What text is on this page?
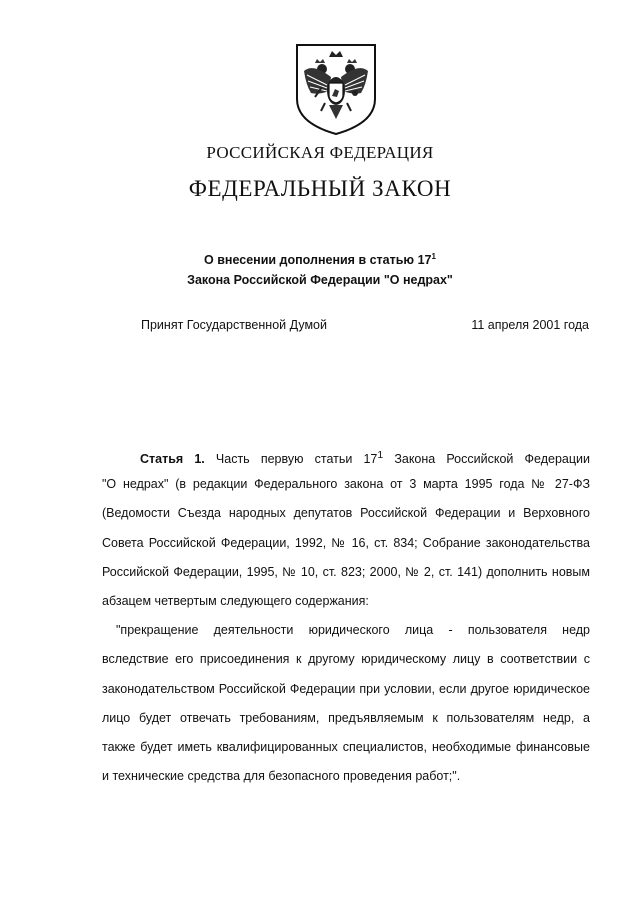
РОССИЙСКАЯ ФЕДЕРАЦИЯ
ФЕДЕРАЛЬНЫЙ ЗАКОН
О внесении дополнения в статью $17^1$
Закона Российской Федерации "О недрах"
Принят Государственной Думой	11 апреля 2001 года
Статья 1. Часть первую статьи $17^1$ Закона Российской Федерации
"О недрах" (в редакции Федерального закона от 3 марта 1995 года № 27-ФЗ
(Ведомости Съезда народных депутатов Российской Федерации и Верховного
Совета Российской Федерации, 1992, № 16, ст. 834; Собрание законодательства
Российской Федерации, 1995, № 10, ст. 823; 2000, № 2, ст. 141) дополнить новым
абзацем четвертым следующего содержания:
"прекращение деятельности юридического лица - пользователя недр
вследствие его присоединения к другому юридическому лицу в соответствии с
законодательством Российской Федерации при условии, если другое юридическое
лицо будет отвечать требованиям, предъявляемым к пользователям недр, а
также будет иметь квалифицированных специалистов, необходимые финансовые
и технические средства для безопасного проведения работ;".
